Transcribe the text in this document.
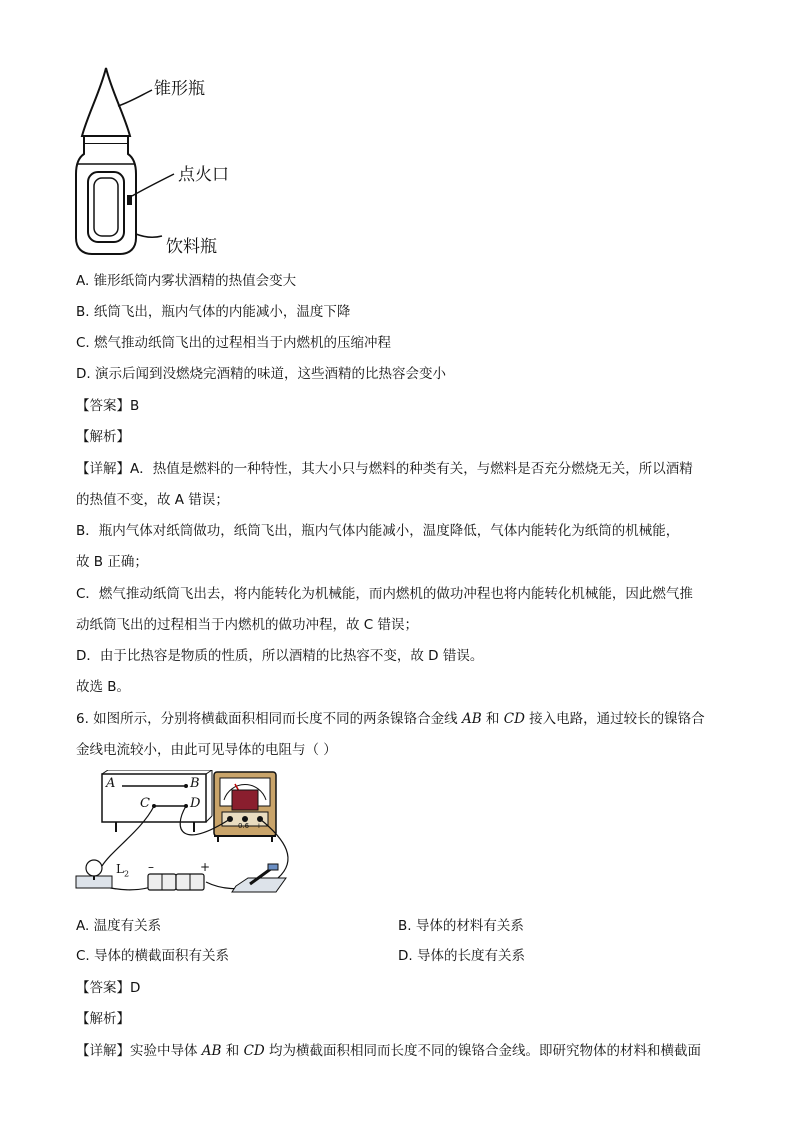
锥形瓶
点火口
饮料瓶
A. 锥形纸筒内雾状酒精的热值会变大
B. 纸筒飞出，瓶内气体的内能减小，温度下降
C. 燃气推动纸筒飞出的过程相当于内燃机的压缩冲程
D. 演示后闻到没燃烧完酒精的味道，这些酒精的比热容会变小
【答案】B
【解析】
【详解】A．热值是燃料的一种特性，其大小只与燃料的种类有关，与燃料是否充分燃烧无关，所以酒精
的热值不变，故 A 错误；
B．瓶内气体对纸筒做功，纸筒飞出，瓶内气体内能减小，温度降低，气体内能转化为纸筒的机械能，
故 B 正确；
C．燃气推动纸筒飞出去，将内能转化为机械能，而内燃机的做功冲程也将内能转化机械能，因此燃气推
动纸筒飞出的过程相当于内燃机的做功冲程，故 C 错误；
D．由于比热容是物质的性质，所以酒精的比热容不变，故 D 错误。
故选 B。
6. 如图所示，分别将横截面积相同而长度不同的两条镍铬合金线 AB 和 CD 接入电路，通过较长的镍铬合
金线电流较小，由此可见导体的电阻与（ ）
A	B
C	D
$L_2$ –	+
– 0.6 +
A. 温度有关系	B. 导体的材料有关系
C. 导体的横截面积有关系	D. 导体的长度有关系
【答案】D
【解析】
【详解】实验中导体 AB 和 CD 均为横截面积相同而长度不同的镍铬合金线。即研究物体的材料和横截面
